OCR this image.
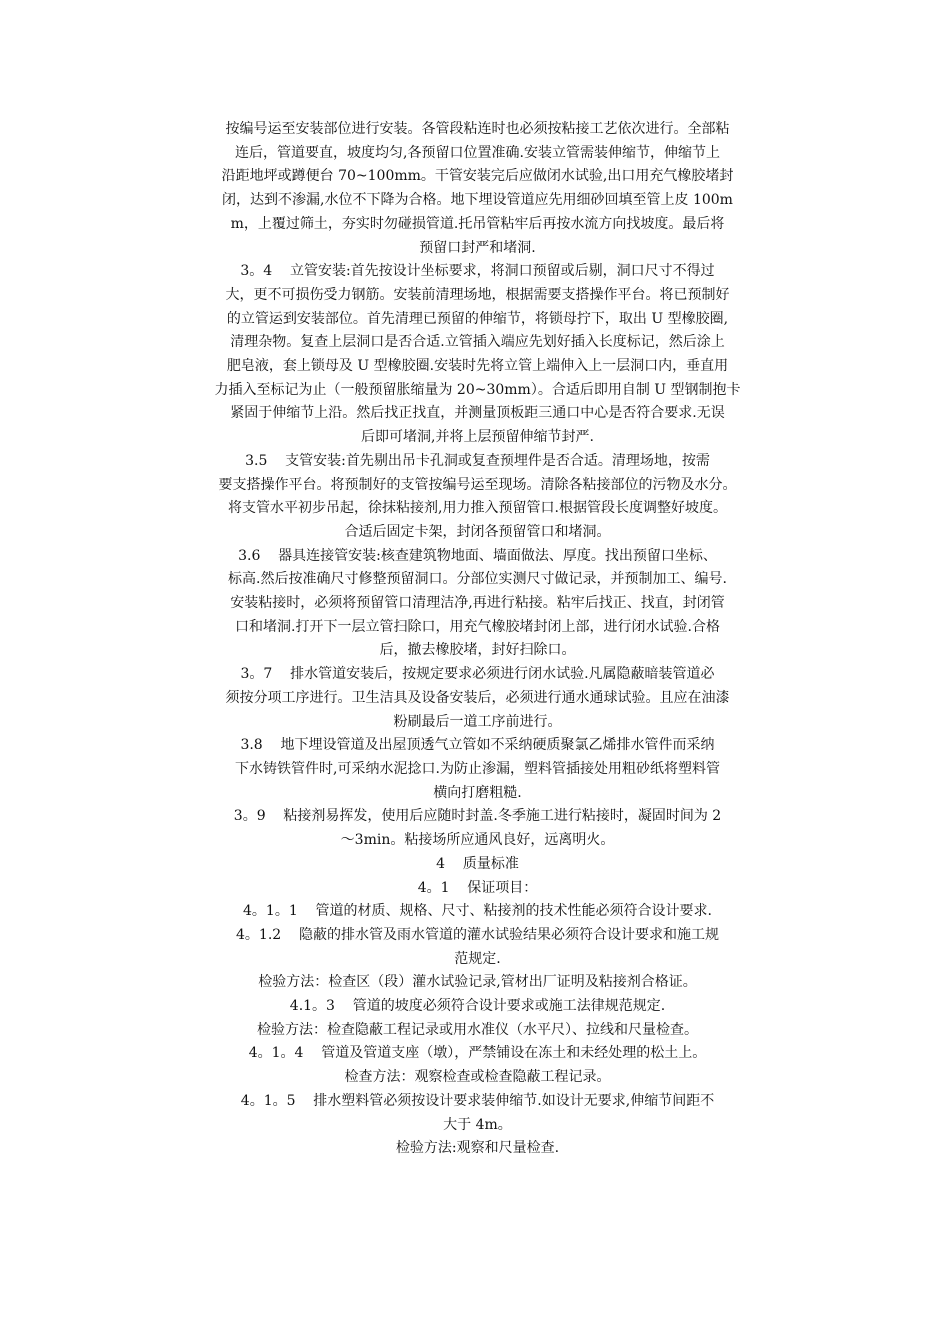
按编号运至安装部位进行安装。各管段粘连时也必须按粘接工艺依次进行。全部粘
连后，管道要直，坡度均匀,各预留口位置准确.安装立管需装伸缩节，伸缩节上
沿距地坪或蹲便台 70~100mm。干管安装完后应做闭水试验,出口用充气橡胶堵封
闭，达到不渗漏,水位不下降为合格。地下埋设管道应先用细砂回填至管上皮 100m
m，上覆过筛土，夯实时勿碰损管道.托吊管粘牢后再按水流方向找坡度。最后将
预留口封严和堵洞.
3。4    立管安装:首先按设计坐标要求，将洞口预留或后剔，洞口尺寸不得过
大，更不可损伤受力钢筋。安装前清理场地，根据需要支搭操作平台。将已预制好
的立管运到安装部位。首先清理已预留的伸缩节，将锁母拧下，取出 U 型橡胶圈,
清理杂物。复查上层洞口是否合适.立管插入端应先划好插入长度标记，然后涂上
肥皂液，套上锁母及 U 型橡胶圈.安装时先将立管上端伸入上一层洞口内，垂直用
力插入至标记为止（一般预留胀缩量为 20~30mm）。合适后即用自制 U 型钢制抱卡
紧固于伸缩节上沿。然后找正找直，并测量顶板距三通口中心是否符合要求.无误
后即可堵洞,并将上层预留伸缩节封严.
3.5    支管安装:首先剔出吊卡孔洞或复查预埋件是否合适。清理场地，按需
要支搭操作平台。将预制好的支管按编号运至现场。清除各粘接部位的污物及水分。
将支管水平初步吊起，徐抹粘接剂,用力推入预留管口.根据管段长度调整好坡度。
合适后固定卡架，封闭各预留管口和堵洞。
3.6    器具连接管安装:核查建筑物地面、墙面做法、厚度。找出预留口坐标、
标高.然后按准确尺寸修整预留洞口。分部位实测尺寸做记录，并预制加工、编号.
安装粘接时，必须将预留管口清理洁净,再进行粘接。粘牢后找正、找直，封闭管
口和堵洞.打开下一层立管扫除口，用充气橡胶堵封闭上部，进行闭水试验.合格
后，撤去橡胶堵，封好扫除口。
3。7    排水管道安装后，按规定要求必须进行闭水试验.凡属隐蔽暗装管道必
须按分项工序进行。卫生洁具及设备安装后，必须进行通水通球试验。且应在油漆
粉刷最后一道工序前进行。
3.8    地下埋设管道及出屋顶透气立管如不采纳硬质聚氯乙烯排水管件而采纳
下水铸铁管件时,可采纳水泥捻口.为防止渗漏，塑料管插接处用粗砂纸将塑料管
横向打磨粗糙.
3。9    粘接剂易挥发，使用后应随时封盖.冬季施工进行粘接时，凝固时间为 2
～3min。粘接场所应通风良好，远离明火。
4    质量标准
4。1    保证项目：
4。1。1    管道的材质、规格、尺寸、粘接剂的技术性能必须符合设计要求.
4。1.2    隐蔽的排水管及雨水管道的灌水试验结果必须符合设计要求和施工规
范规定.
检验方法：检查区（段）灌水试验记录,管材出厂证明及粘接剂合格证。
4.1。3    管道的坡度必须符合设计要求或施工法律规范规定.
检验方法：检查隐蔽工程记录或用水准仪（水平尺）、拉线和尺量检查。
4。1。4    管道及管道支座（墩），严禁铺设在冻土和未经处理的松土上。
检查方法：观察检查或检查隐蔽工程记录。
4。1。5    排水塑料管必须按设计要求装伸缩节.如设计无要求,伸缩节间距不
大于 4m。
检验方法:观察和尺量检查.
